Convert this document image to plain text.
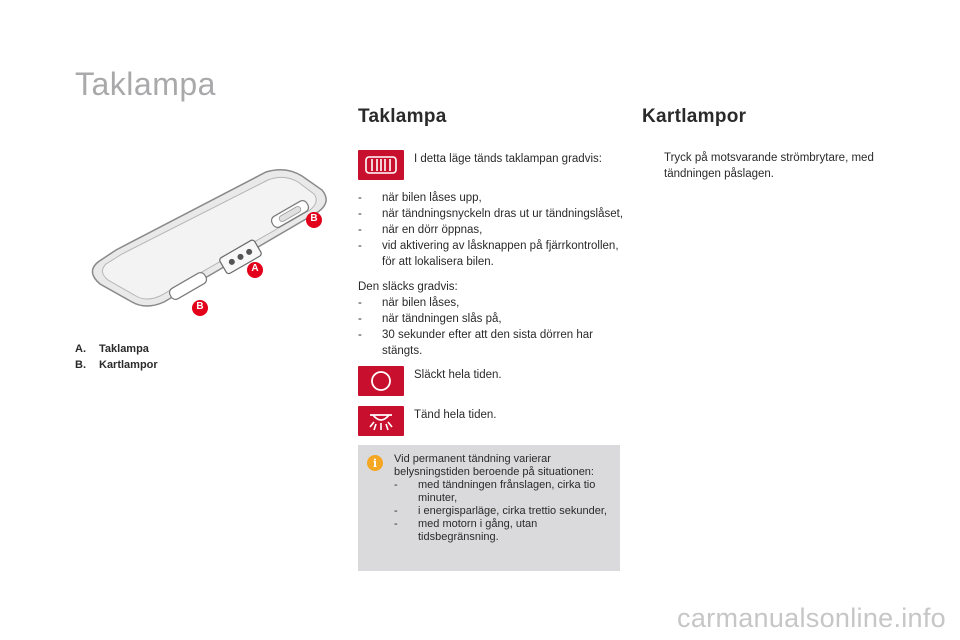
Taklampa
B
A
B
A. Taklampa
B. Kartlampor
Taklampa
I detta läge tänds taklampan gradvis:
- när bilen låses upp,
- när tändningsnyckeln dras ut ur tändningslåset,
- när en dörr öppnas,
- vid aktivering av låsknappen på fjärrkontrollen, för att lokalisera bilen.
Den släcks gradvis:
- när bilen låses,
- när tändningen slås på,
- 30 sekunder efter att den sista dörren har stängts.
Släckt hela tiden.
Tänd hela tiden.
i	Vid permanent tändning varierar belysningstiden beroende på situationen:
- med tändningen frånslagen, cirka tio minuter,
- i energisparläge, cirka trettio sekunder,
- med motorn i gång, utan tidsbegränsning.
Kartlampor
Tryck på motsvarande strömbrytare, med tändningen påslagen.
carmanualsonline.info
